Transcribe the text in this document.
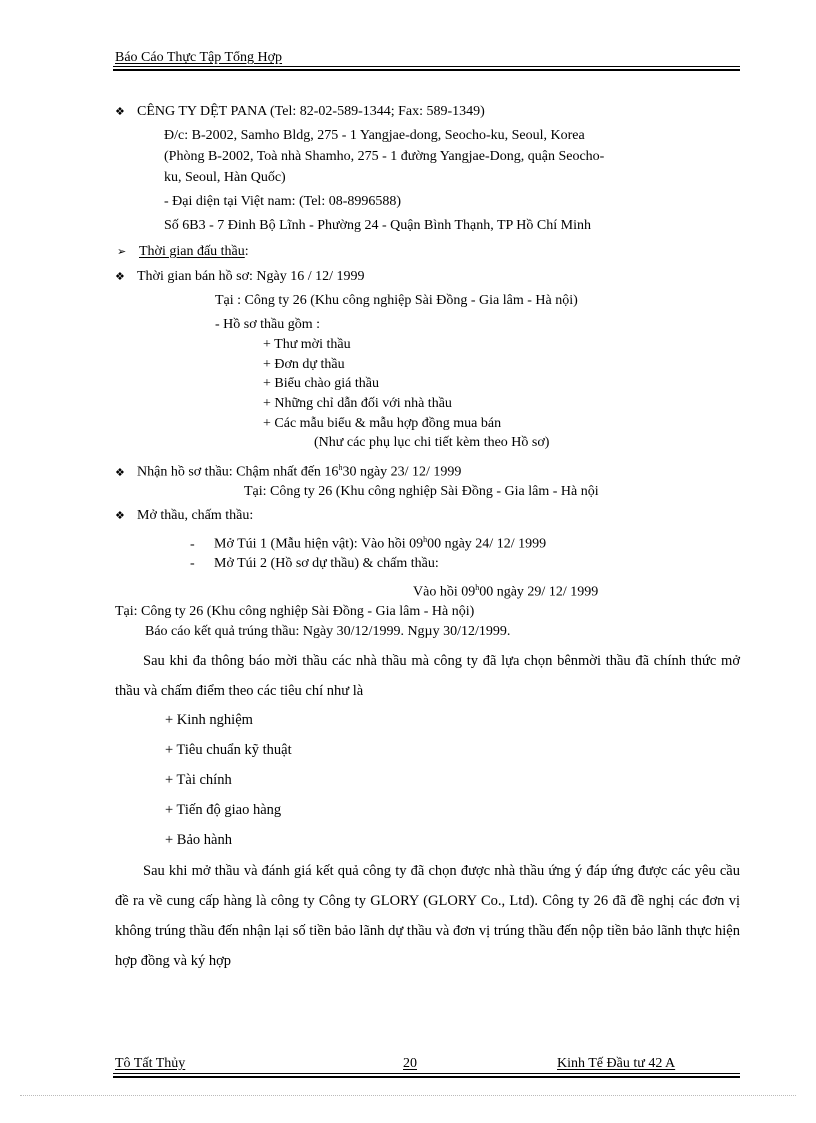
Báo Cáo Thực Tập Tổng Hợp
❖ CÊNG TY DỆT PANA (Tel: 82-02-589-1344; Fax: 589-1349)
Đ/c: B-2002, Samho Bldg, 275 - 1 Yangjae-dong, Seocho-ku, Seoul, Korea
(Phòng B-2002, Toà nhà Shamho, 275 - 1 đường Yangjae-Dong, quận Seocho-
ku, Seoul, Hàn Quốc)
- Đại diện tại Việt nam: (Tel: 08-8996588)
Số 6B3 - 7 Đinh Bộ Lĩnh - Phường 24 - Quận Bình Thạnh, TP Hồ Chí Minh
➢ Thời gian đấu thầu:
❖ Thời gian bán hồ sơ: Ngày 16 / 12/ 1999
Tại : Công ty 26 (Khu công nghiệp Sài Đồng - Gia lâm - Hà nội)
- Hồ sơ thầu gồm :
+ Thư mời thầu
+ Đơn dự thầu
+ Biểu chào giá thầu
+ Những chỉ dẫn đối với nhà thầu
+ Các mẫu biểu & mẫu hợp đồng mua bán
(Như các phụ lục chi tiết kèm theo Hồ sơ)
❖ Nhận hồ sơ thầu: Chậm nhất đến 16$^h$30 ngày 23/ 12/ 1999
Tại: Công ty 26 (Khu công nghiệp Sài Đồng - Gia lâm - Hà nội
❖ Mở thầu, chấm thầu:
- Mở Túi 1 (Mẫu hiện vật): Vào hồi 09$^h$00 ngày 24/ 12/ 1999
- Mở Túi 2 (Hồ sơ dự thầu) & chấm thầu:
Vào hồi 09$^h$00 ngày 29/ 12/ 1999
Tại: Công ty 26 (Khu công nghiệp Sài Đồng - Gia lâm - Hà nội)
Báo cáo kết quả trúng thầu: Ngày 30/12/1999. Ngµy 30/12/1999.
Sau khi đa thông báo mời thầu các nhà thầu mà công ty đã lựa chọn bênmời thầu đã chính thức mở thầu và chấm điểm theo các tiêu chí như là
+ Kinh nghiệm
+ Tiêu chuẩn kỹ thuật
+ Tài chính
+ Tiến độ giao hàng
+ Bảo hành
Sau khi mở thầu và đánh giá kết quả công ty đã chọn được nhà thầu ứng ý đáp ứng được các yêu cầu đề ra về cung cấp hàng là công ty Công ty GLORY (GLORY Co., Ltd). Công ty 26 đã đề nghị các đơn vị không trúng thầu đến nhận lại số tiền bảo lãnh dự thầu và đơn vị trúng thầu đến nộp tiền bảo lãnh thực hiện hợp đồng và ký hợp
Tô Tất Thủy	20	Kinh Tế Đầu tư 42 A
